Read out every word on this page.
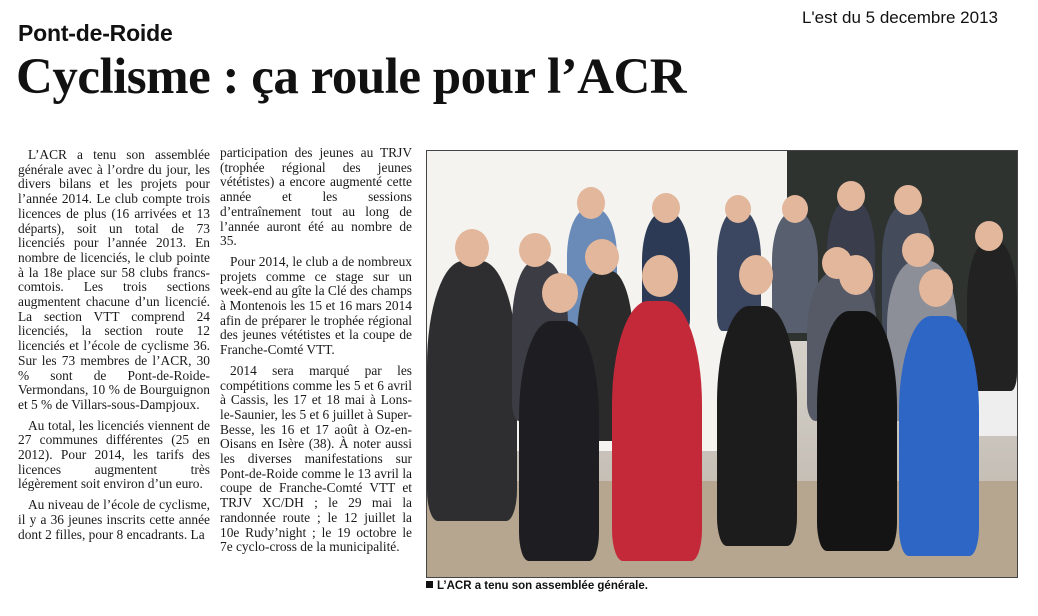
L'est du 5 decembre 2013
Pont-de-Roide
Cyclisme : ça roule pour l’ACR

L’ACR a tenu son assemblée générale avec à l’ordre du jour, les divers bilans et les projets pour l’année 2014. Le club compte trois licences de plus (16 arrivées et 13 départs), soit un total de 73 licenciés pour l’année 2013. En nombre de licenciés, le club pointe à la 18e place sur 58 clubs francs-comtois. Les trois sections augmentent chacune d’un licencié. La section VTT comprend 24 licenciés, la section route 12 licenciés et l’école de cyclisme 36. Sur les 73 membres de l’ACR, 30 % sont de Pont-de-Roide-Vermondans, 10 % de Bourguignon et 5 % de Villars-sous-Dampjoux.

Au total, les licenciés viennent de 27 communes différentes (25 en 2012). Pour 2014, les tarifs des licences augmentent très légèrement soit environ d’un euro.

Au niveau de l’école de cyclisme, il y a 36 jeunes inscrits cette année dont 2 filles, pour 8 encadrants. La

participation des jeunes au TRJV (trophée régional des jeunes vététistes) a encore augmenté cette année et les sessions d’entraînement tout au long de l’année auront été au nombre de 35.

Pour 2014, le club a de nombreux projets comme ce stage sur un week-end au gîte la Clé des champs à Montenois les 15 et 16 mars 2014 afin de préparer le trophée régional des jeunes vététistes et la coupe de Franche-Comté VTT.

2014 sera marqué par les compétitions comme les 5 et 6 avril à Cassis, les 17 et 18 mai à Lons-le-Saunier, les 5 et 6 juillet à Super-Besse, les 16 et 17 août à Oz-en-Oisans en Isère (38). À noter aussi les diverses manifestations sur Pont-de-Roide comme le 13 avril la coupe de Franche-Comté VTT et TRJV XC/DH ; le 29 mai la randonnée route ; le 12 juillet la 10e Rudy’night ; le 19 octobre le 7e cyclo-cross de la municipalité.

L’ACR a tenu son assemblée générale.
